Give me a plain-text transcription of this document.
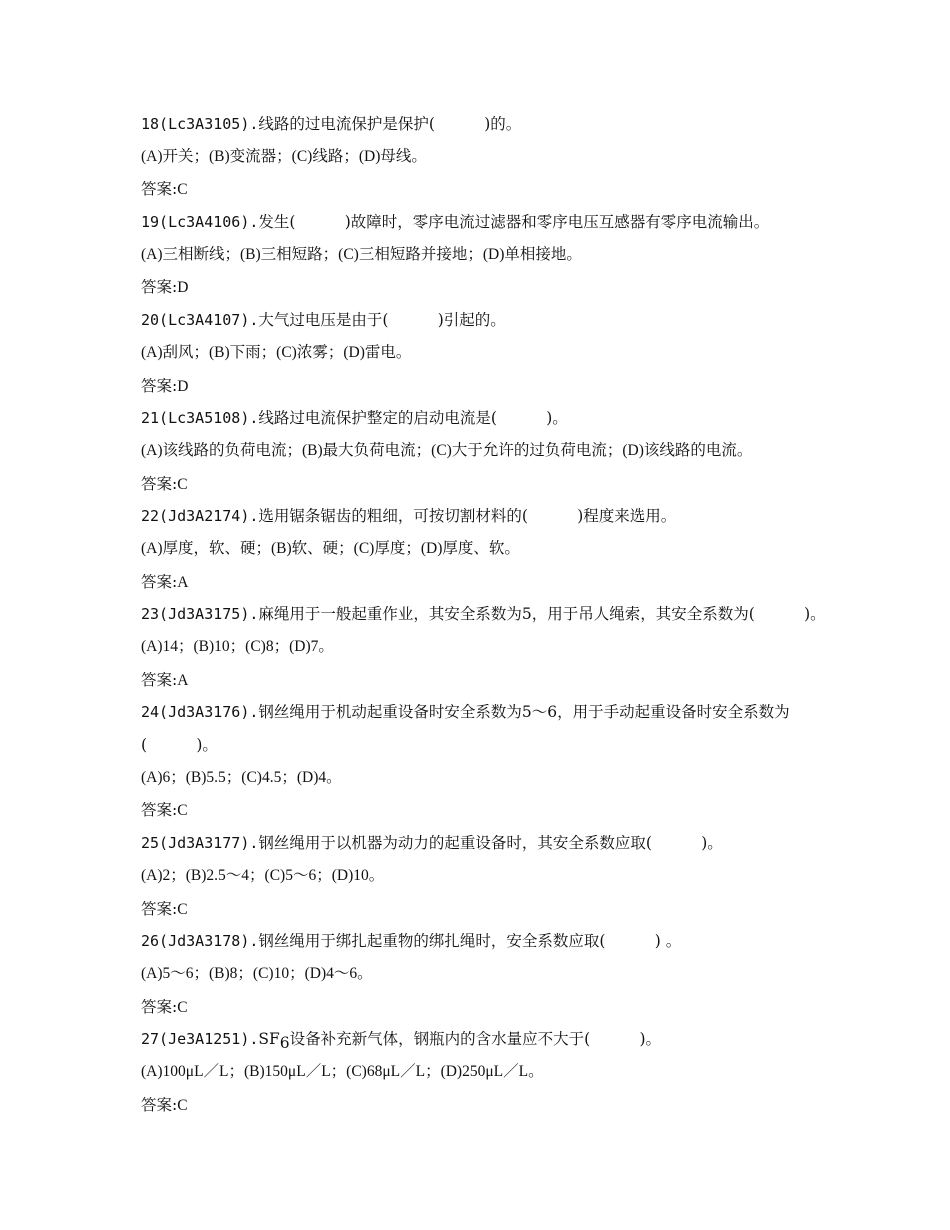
18(Lc3A3105).线路的过电流保护是保护(          )的。
(A)开关；(B)变流器；(C)线路；(D)母线。
答案:C
19(Lc3A4106).发生(          )故障时，零序电流过滤器和零序电压互感器有零序电流输出。
(A)三相断线；(B)三相短路；(C)三相短路并接地；(D)单相接地。
答案:D
20(Lc3A4107).大气过电压是由于(          )引起的。
(A)刮风；(B)下雨；(C)浓雾；(D)雷电。
答案:D
21(Lc3A5108).线路过电流保护整定的启动电流是(          )。
(A)该线路的负荷电流；(B)最大负荷电流；(C)大于允许的过负荷电流；(D)该线路的电流。
答案:C
22(Jd3A2174).选用锯条锯齿的粗细，可按切割材料的(          )程度来选用。
(A)厚度，软、硬；(B)软、硬；(C)厚度；(D)厚度、软。
答案:A
23(Jd3A3175).麻绳用于一般起重作业，其安全系数为5，用于吊人绳索，其安全系数为(          )。
(A)14；(B)10；(C)8；(D)7。
答案:A
24(Jd3A3176).钢丝绳用于机动起重设备时安全系数为5～6，用于手动起重设备时安全系数为
(          )。
(A)6；(B)5.5；(C)4.5；(D)4。
答案:C
25(Jd3A3177).钢丝绳用于以机器为动力的起重设备时，其安全系数应取(          )。
(A)2；(B)2.5～4；(C)5～6；(D)10。
答案:C
26(Jd3A3178).钢丝绳用于绑扎起重物的绑扎绳时，安全系数应取(          ) 。
(A)5～6；(B)8；(C)10；(D)4～6。
答案:C
$27(Je3A1251).SF_6$设备补充新气体，钢瓶内的含水量应不大于(          )。
(A)100μL／L；(B)150μL／L；(C)68μL／L；(D)250μL／L。
答案:C
